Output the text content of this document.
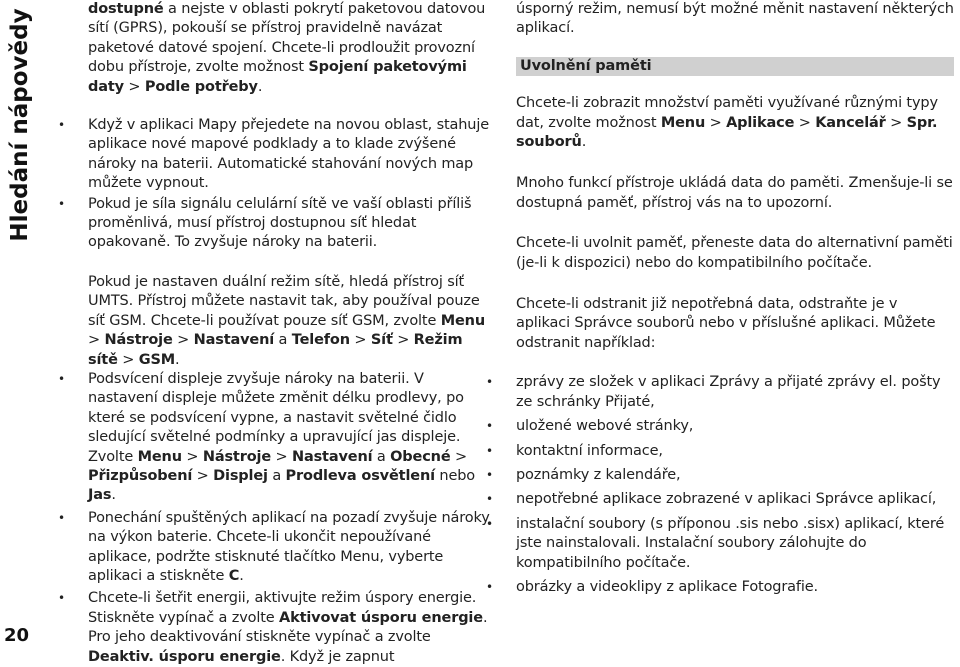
Hledání nápovědy
20

dostupné a nejste v oblasti pokrytí paketovou datovou sítí (GPRS), pokouší se přístroj pravidelně navázat paketové datové spojení. Chcete-li prodloužit provozní dobu přístroje, zvolte možnost Spojení paketovými daty > Podle potřeby.

• Když v aplikaci Mapy přejedete na novou oblast, stahuje aplikace nové mapové podklady a to klade zvýšené nároky na baterii. Automatické stahování nových map můžete vypnout.

• Pokud je síla signálu celulární sítě ve vaší oblasti příliš proměnlivá, musí přístroj dostupnou síť hledat opakovaně. To zvyšuje nároky na baterii.

Pokud je nastaven duální režim sítě, hledá přístroj síť UMTS. Přístroj můžete nastavit tak, aby používal pouze síť GSM. Chcete-li používat pouze síť GSM, zvolte Menu > Nástroje > Nastavení a Telefon > Síť > Režim sítě > GSM.

• Podsvícení displeje zvyšuje nároky na baterii. V nastavení displeje můžete změnit délku prodlevy, po které se podsvícení vypne, a nastavit světelné čidlo sledující světelné podmínky a upravující jas displeje. Zvolte Menu > Nástroje > Nastavení a Obecné > Přizpůsobení > Displej a Prodleva osvětlení nebo Jas.

• Ponechání spuštěných aplikací na pozadí zvyšuje nároky na výkon baterie. Chcete-li ukončit nepoužívané aplikace, podržte stisknuté tlačítko Menu, vyberte aplikaci a stiskněte C.

• Chcete-li šetřit energii, aktivujte režim úspory energie. Stiskněte vypínač a zvolte Aktivovat úsporu energie. Pro jeho deaktivování stiskněte vypínač a zvolte Deaktiv. úsporu energie. Když je zapnut

úsporný režim, nemusí být možné měnit nastavení některých aplikací.

Uvolnění paměti

Chcete-li zobrazit množství paměti využívané různými typy dat, zvolte možnost Menu > Aplikace > Kancelář > Spr. souborů.

Mnoho funkcí přístroje ukládá data do paměti. Zmenšuje-li se dostupná paměť, přístroj vás na to upozorní.

Chcete-li uvolnit paměť, přeneste data do alternativní paměti (je-li k dispozici) nebo do kompatibilního počítače.

Chcete-li odstranit již nepotřebná data, odstraňte je v aplikaci Správce souborů nebo v příslušné aplikaci. Můžete odstranit například:

• zprávy ze složek v aplikaci Zprávy a přijaté zprávy el. pošty ze schránky Přijaté,
• uložené webové stránky,
• kontaktní informace,
• poznámky z kalendáře,
• nepotřebné aplikace zobrazené v aplikaci Správce aplikací,
• instalační soubory (s příponou .sis nebo .sisx) aplikací, které jste nainstalovali. Instalační soubory zálohujte do kompatibilního počítače.
• obrázky a videoklipy z aplikace Fotografie.
